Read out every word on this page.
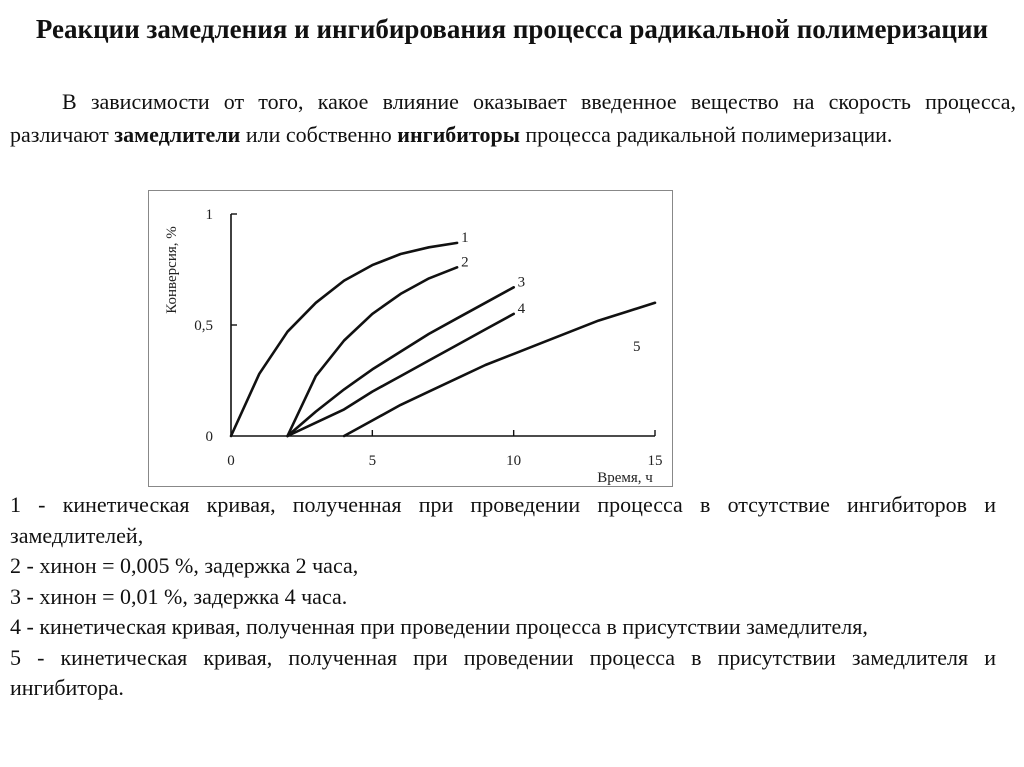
Реакции замедления и ингибирования процесса радикальной полимеризации
В зависимости от того, какое влияние оказывает введенное вещество на скорость процесса, различают замедлители или собственно ингибиторы процесса радикальной полимеризации.
0	5	10	15
0
0,5
1
1
2
3
4
5
Время, ч
Конверсия, %
1 - кинетическая кривая, полученная при проведении процесса в отсутствие ингибиторов и замедлителей,
2 - хинон = 0,005 %, задержка 2 часа,
3 - хинон = 0,01 %, задержка 4 часа.
4 - кинетическая кривая, полученная при проведении процесса в присутствии замедлителя,
5 - кинетическая кривая, полученная при проведении процесса в присутствии замедлителя и ингибитора.
